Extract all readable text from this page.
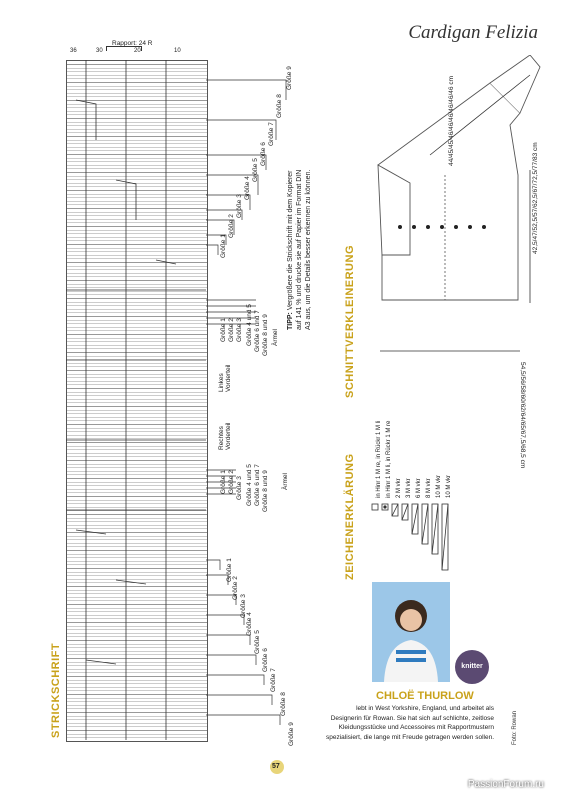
Cardigan Felizia
STRICKSCHRIFT
SCHNITTVERKLEINERUNG
ZEICHENERKLÄRUNG
36	30	20	10
Rapport: 24 R
Größe 9
Größe 8
Größe 7
Größe 6
Größe 5
Größe 4
Größe 3
Größe 2
Größe 1
Größe 1 Größe 2 Größe 3 Größe 4 und 5 Größe 6 und 7 Größe 8 und 9 Ärmel
Linkes Vorderteil
Rechtes Vorderteil
Größe 1 Größe 2 Größe 3 Größe 4 und 5 Größe 6 und 7 Größe 8 und 9 Ärmel
Größe 1
Größe 2
Größe 3
Größe 4
Größe 5
Größe 6
Größe 7
Größe 8
Größe 9
TIPP: Vergrößere die Strickschrift mit dem Kopierer auf 141 % und drucke sie auf Papier im Format DIN A3 aus, um die Details besser erkennen zu können.
44/45/45/46/46/46/46/46/46 cm
42,5/47/52,5/57/62,5/67/72,5/77/83 cm
54,5/56/58/60/62/64/65/67,5/68,5 cm
in Hinr 1 M re, in Rückr 1 M li in Hinr 1 M li, in Rückr 1 M re 2 M vkr 3 M vkr 6 M vkr 8 M vkr 10 M vkr 10 M vkr
knitter
CHLOË THURLOW
lebt in West Yorkshire, England, und arbeitet als Designerin für Rowan. Sie hat sich auf schlichte, zeitlose Kleidungsstücke und Accessoires mit Rapportmustern spezialisiert, die lange mit Freude getragen werden sollen.	Foto: Rowan
57
PassionForum.ru
